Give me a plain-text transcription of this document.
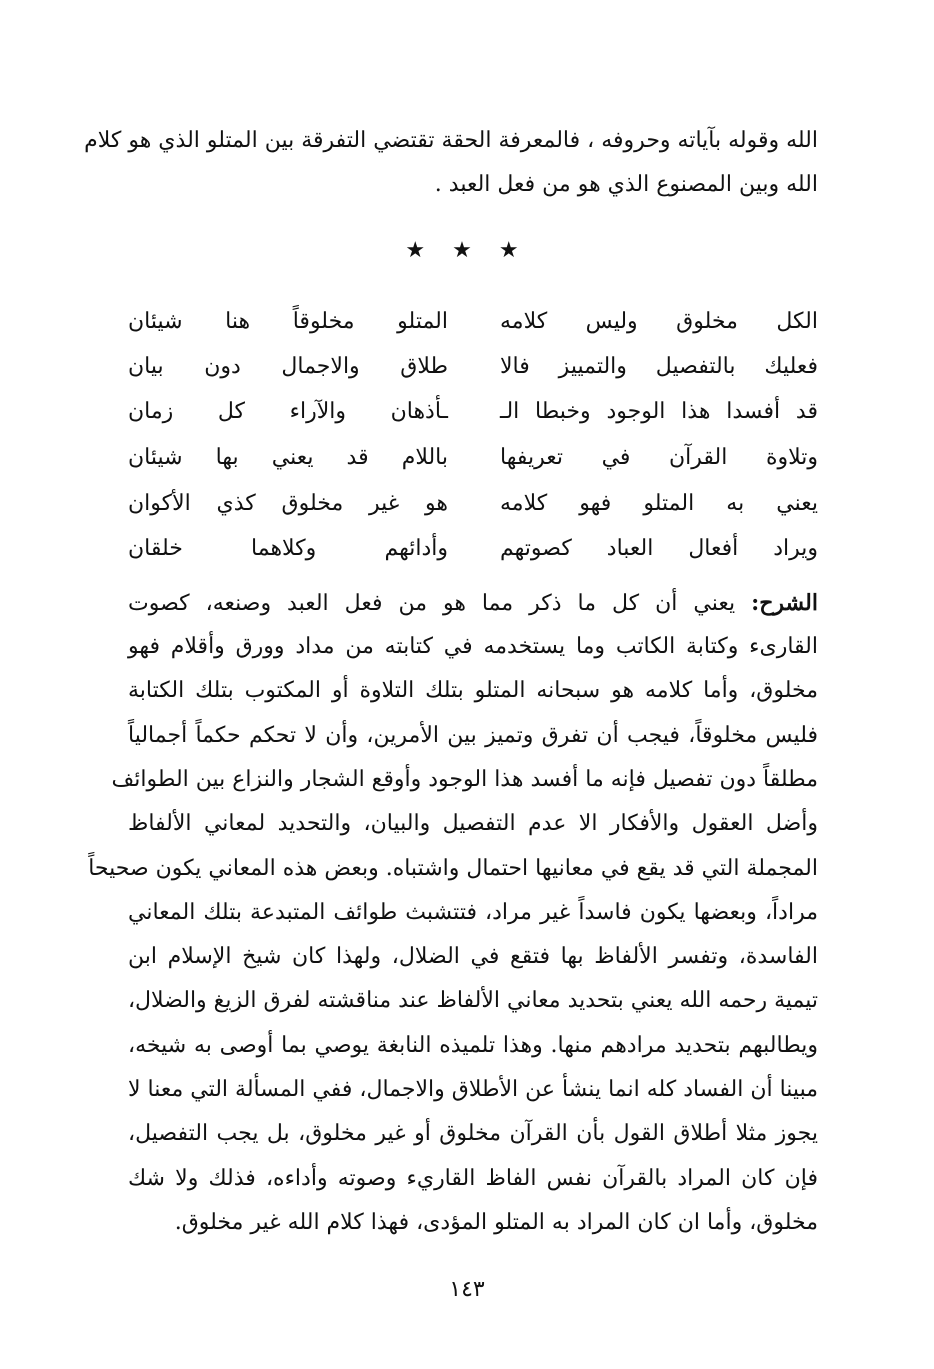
الله وقوله بآياته وحروفه ، فالمعرفة الحقة تقتضي التفرقة بين المتلو الذي هو كلام
الله وبين المصنوع الذي هو من فعل العبد .
★ ★ ★
الكل مخلوق وليس كلامه
المتلو مخلوقاً هنا شيئان
فعليك بالتفصيل والتمييز فالا
طلاق والاجمال دون بيان
قد أفسدا هذا الوجود وخبطا الـ
ـأذهان والآراء كل زمان
وتلاوة القرآن في تعريفها
باللام قد يعني بها شيئان
يعني به المتلو فهو كلامه
هو غير مخلوق كذي الأكوان
ويراد أفعال العباد كصوتهم
وأدائهم وكلاهما خلقان
الشرح: يعني أن كل ما ذكر مما هو من فعل العبد وصنعه، كصوت
القارىء وكتابة الكاتب وما يستخدمه في كتابته من مداد وورق وأقلام فهو
مخلوق، وأما كلامه هو سبحانه المتلو بتلك التلاوة أو المكتوب بتلك الكتابة
فليس مخلوقاً، فيجب أن تفرق وتميز بين الأمرين، وأن لا تحكم حكماً أجمالياً
مطلقاً دون تفصيل فإنه ما أفسد هذا الوجود وأوقع الشجار والنزاع بين الطوائف
وأضل العقول والأفكار الا عدم التفصيل والبيان، والتحديد لمعاني الألفاظ
المجملة التي قد يقع في معانيها احتمال واشتباه. وبعض هذه المعاني يكون صحيحاً
مراداً، وبعضها يكون فاسداً غير مراد، فتتشبث طوائف المتبدعة بتلك المعاني
الفاسدة، وتفسر الألفاظ بها فتقع في الضلال، ولهذا كان شيخ الإسلام ابن
تيمية رحمه الله يعني بتحديد معاني الألفاظ عند مناقشته لفرق الزيغ والضلال،
ويطالبهم بتحديد مرادهم منها. وهذا تلميذه النابغة يوصي بما أوصى به شيخه،
مبينا أن الفساد كله انما ينشأ عن الأطلاق والاجمال، ففي المسألة التي معنا لا
يجوز مثلا أطلاق القول بأن القرآن مخلوق أو غير مخلوق، بل يجب التفصيل،
فإن كان المراد بالقرآن نفس الفاظ القاريء وصوته وأداءه، فذلك ولا شك
مخلوق، وأما ان كان المراد به المتلو المؤدى، فهذا كلام الله غير مخلوق.
١٤٣
